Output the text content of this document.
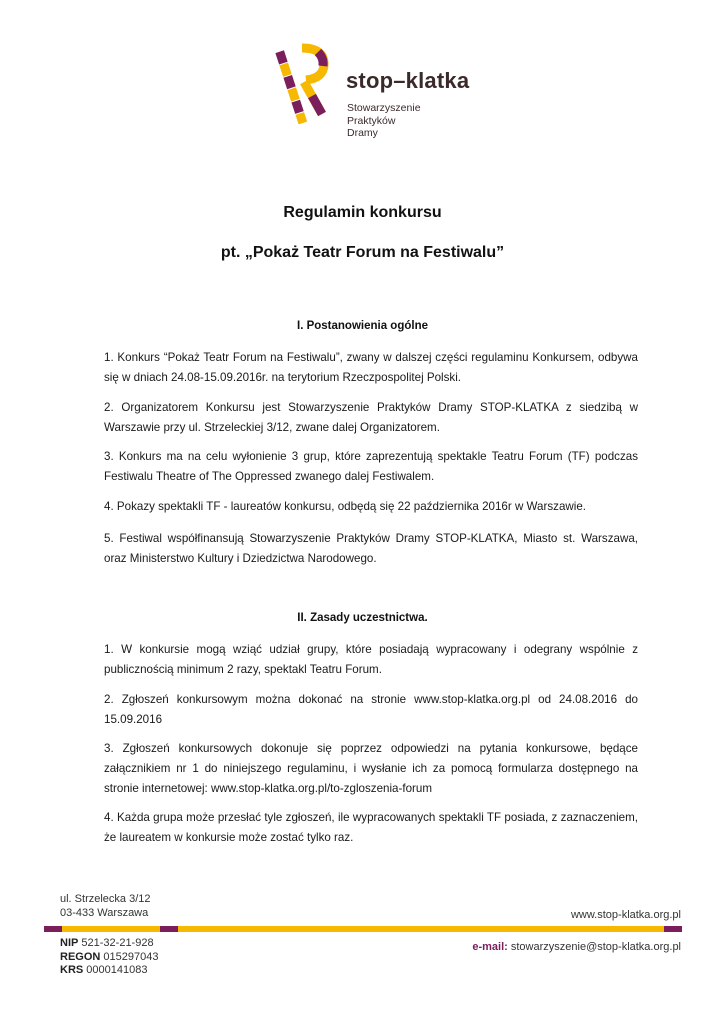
stop–klatka
Stowarzyszenie
Praktyków
Dramy
Regulamin konkursu
pt. „Pokaż Teatr Forum na Festiwalu”
I. Postanowienia ogólne
1. Konkurs “Pokaż Teatr Forum na Festiwalu”, zwany w dalszej części regulaminu Konkursem, odbywa się w dniach 24.08-15.09.2016r. na terytorium Rzeczpospolitej Polski.
2. Organizatorem Konkursu jest Stowarzyszenie Praktyków Dramy STOP-KLATKA z siedzibą w Warszawie przy ul. Strzeleckiej 3/12, zwane dalej Organizatorem.
3. Konkurs ma na celu wyłonienie 3 grup, które zaprezentują spektakle Teatru Forum (TF) podczas Festiwalu Theatre of The Oppressed zwanego dalej Festiwalem.
4. Pokazy spektakli TF - laureatów konkursu, odbędą się 22 października 2016r w Warszawie.
5. Festiwal współfinansują Stowarzyszenie Praktyków Dramy STOP-KLATKA, Miasto st. Warszawa, oraz Ministerstwo Kultury i Dziedzictwa Narodowego.
II. Zasady uczestnictwa.
1. W konkursie mogą wziąć udział grupy, które posiadają wypracowany i odegrany wspólnie z publicznością minimum 2 razy, spektakl Teatru Forum.
2. Zgłoszeń konkursowym można dokonać na stronie www.stop-klatka.org.pl od 24.08.2016 do 15.09.2016
3. Zgłoszeń konkursowych dokonuje się poprzez odpowiedzi na pytania konkursowe, będące załącznikiem nr 1 do niniejszego regulaminu, i wysłanie ich za pomocą formularza dostępnego na stronie internetowej: www.stop-klatka.org.pl/to-zgloszenia-forum
4. Każda grupa może przesłać tyle zgłoszeń, ile wypracowanych spektakli TF posiada, z zaznaczeniem, że laureatem w konkursie może zostać tylko raz.
ul. Strzelecka 3/12
03-433 Warszawa	www.stop-klatka.org.pl
NIP 521-32-21-928
REGON 015297043
KRS 0000141083
e-mail: stowarzyszenie@stop-klatka.org.pl
